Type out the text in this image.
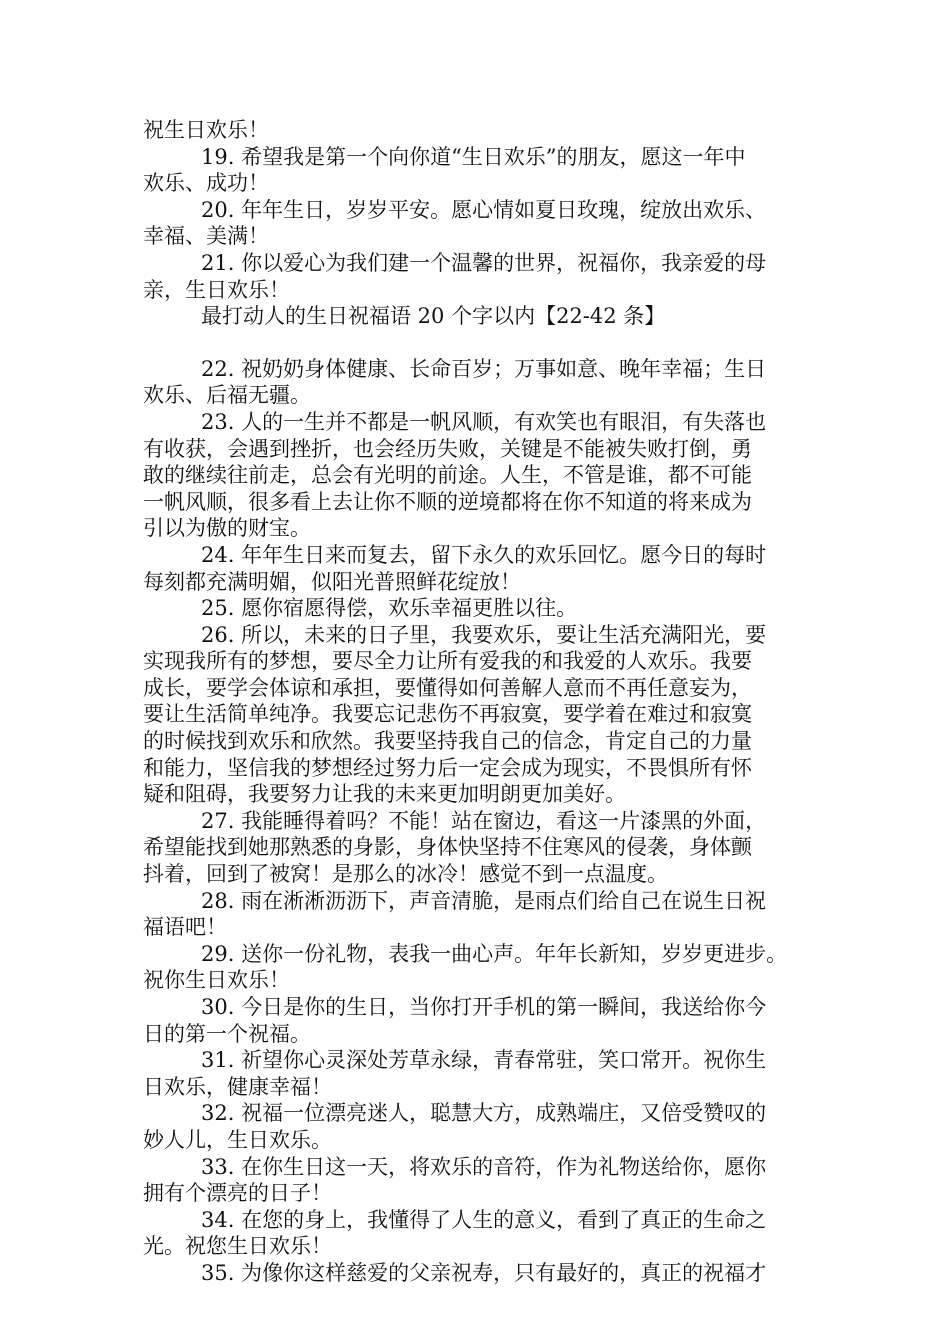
祝生日欢乐！

19. 希望我是第一个向你道“生日欢乐”的朋友，愿这一年中

欢乐、成功！

20. 年年生日，岁岁平安。愿心情如夏日玫瑰，绽放出欢乐、

幸福、美满！

21. 你以爱心为我们建一个温馨的世界，祝福你，我亲爱的母

亲，生日欢乐！

最打动人的生日祝福语 20 个字以内【22-42 条】

22. 祝奶奶身体健康、长命百岁；万事如意、晚年幸福；生日

欢乐、后福无疆。

23. 人的一生并不都是一帆风顺，有欢笑也有眼泪，有失落也

有收获，会遇到挫折，也会经历失败，关键是不能被失败打倒，勇

敢的继续往前走，总会有光明的前途。人生，不管是谁，都不可能

一帆风顺，很多看上去让你不顺的逆境都将在你不知道的将来成为

引以为傲的财宝。

24. 年年生日来而复去，留下永久的欢乐回忆。愿今日的每时

每刻都充满明媚，似阳光普照鲜花绽放！

25. 愿你宿愿得偿，欢乐幸福更胜以往。

26. 所以，未来的日子里，我要欢乐，要让生活充满阳光，要

实现我所有的梦想，要尽全力让所有爱我的和我爱的人欢乐。我要

成长，要学会体谅和承担，要懂得如何善解人意而不再任意妄为，

要让生活简单纯净。我要忘记悲伤不再寂寞，要学着在难过和寂寞

的时候找到欢乐和欣然。我要坚持我自己的信念，肯定自己的力量

和能力，坚信我的梦想经过努力后一定会成为现实，不畏惧所有怀

疑和阻碍，我要努力让我的未来更加明朗更加美好。

27. 我能睡得着吗？不能！站在窗边，看这一片漆黑的外面，

希望能找到她那熟悉的身影，身体快坚持不住寒风的侵袭，身体颤

抖着，回到了被窝！是那么的冰冷！感觉不到一点温度。

28. 雨在淅淅沥沥下，声音清脆，是雨点们给自己在说生日祝

福语吧！

29. 送你一份礼物，表我一曲心声。年年长新知，岁岁更进步。

祝你生日欢乐！

30. 今日是你的生日，当你打开手机的第一瞬间，我送给你今

日的第一个祝福。

31. 祈望你心灵深处芳草永绿，青春常驻，笑口常开。祝你生

日欢乐，健康幸福！

32. 祝福一位漂亮迷人，聪慧大方，成熟端庄，又倍受赞叹的

妙人儿，生日欢乐。

33. 在你生日这一天，将欢乐的音符，作为礼物送给你，愿你

拥有个漂亮的日子！

34. 在您的身上，我懂得了人生的意义，看到了真正的生命之

光。祝您生日欢乐！

35. 为像你这样慈爱的父亲祝寿，只有最好的，真正的祝福才
